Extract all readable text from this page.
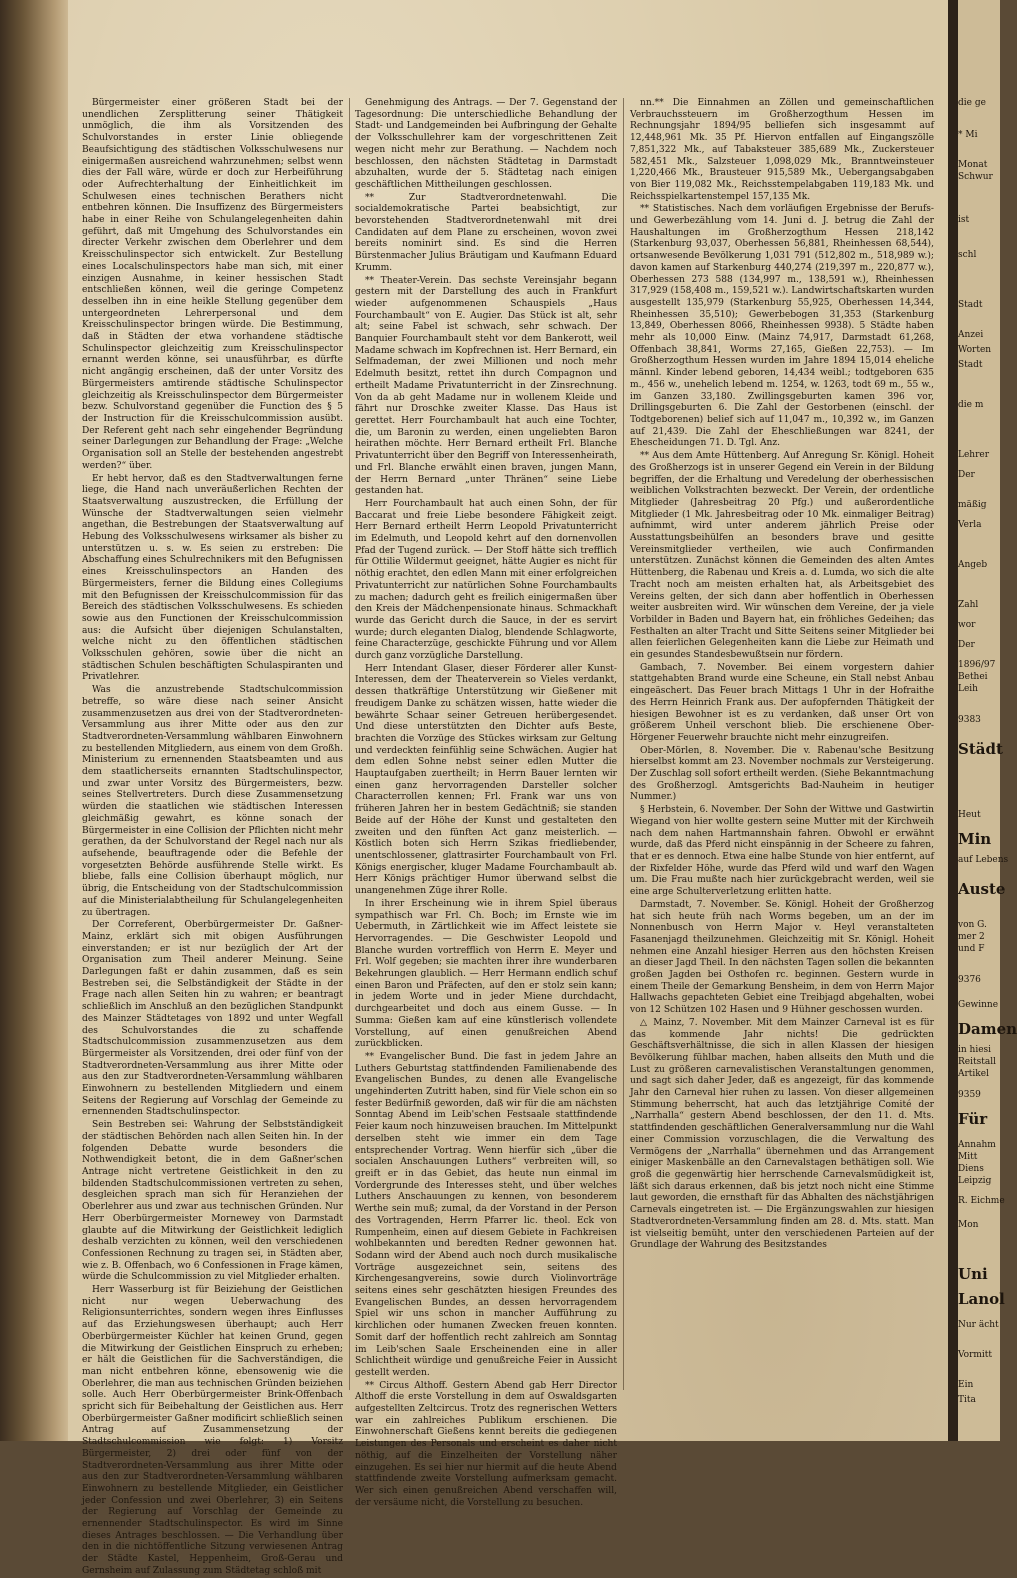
Bürgermeister einer größeren Stadt bei der unendlichen Zersplitterung seiner Thätigkeit unmöglich, die ihm als Vorsitzenden des Schulvorstandes in erster Linie obliegende Beaufsichtigung des städtischen Volksschulwesens nur einigermaßen ausreichend wahrzunehmen; selbst wenn dies der Fall wäre, würde er doch zur Herbeiführung oder Aufrechterhaltung der Einheitlichkeit im Schulwesen eines technischen Berathers nicht entbehren können. Die Insuffizenz des Bürgermeisters habe in einer Reihe von Schulangelegenheiten dahin geführt, daß mit Umgehung des Schulvorstandes ein directer Verkehr zwischen dem Oberlehrer und dem Kreisschulinspector sich entwickelt. Zur Bestellung eines Localschulinspectors habe man sich, mit einer einzigen Ausnahme, in keiner hessischen Stadt entschließen können, weil die geringe Competenz desselben ihn in eine heikle Stellung gegenüber dem untergeordneten Lehrerpersonal und dem Kreisschulinspector bringen würde. Die Bestimmung, daß in Städten der etwa vorhandene städtische Schulinspector gleichzeitig zum Kreisschulinspector ernannt werden könne, sei unausführbar, es dürfte nicht angängig erscheinen, daß der unter Vorsitz des Bürgermeisters amtirende städtische Schulinspector gleichzeitig als Kreisschulinspector dem Bürgermeister bezw. Schulvorstand gegenüber die Function des § 5 der Instruction für die Kreisschulcommission ausübt. Der Referent geht nach sehr eingehender Begründung seiner Darlegungen zur Behandlung der Frage: „Welche Organisation soll an Stelle der bestehenden angestrebt werden?“ über.

Er hebt hervor, daß es den Stadtverwaltungen ferne liege, die Hand nach unveräußerlichen Rechten der Staatsverwaltung auszustrecken, die Erfüllung der Wünsche der Stadtverwaltungen seien vielmehr angethan, die Bestrebungen der Staatsverwaltung auf Hebung des Volksschulwesens wirksamer als bisher zu unterstützen u. s. w. Es seien zu erstreben: Die Abschaffung eines Schulrechnikers mit den Befugnissen eines Kreisschulinspectors an Handen des Bürgermeisters, ferner die Bildung eines Collegiums mit den Befugnissen der Kreisschulcommission für das Bereich des städtischen Volksschulwesens. Es schieden sowie aus den Functionen der Kreisschulcommission aus: die Aufsicht über diejenigen Schulanstalten, welche nicht zu den öffentlichen städtischen Volksschulen gehören, sowie über die nicht an städtischen Schulen beschäftigten Schulaspiranten und Privatlehrer.

Was die anzustrebende Stadtschulcommission betreffe, so wäre diese nach seiner Ansicht zusammenzusetzen aus drei von der Stadtverordneten-Versammlung aus ihrer Mitte oder aus den zur Stadtverordneten-Versammlung wählbaren Einwohnern zu bestellenden Mitgliedern, aus einem von dem Großh. Ministerium zu ernennenden Staatsbeamten und aus dem staatlicherseits ernannten Stadtschulinspector, und zwar unter Vorsitz des Bürgermeisters, bezw. seines Stellvertreters. Durch diese Zusammensetzung würden die staatlichen wie städtischen Interessen gleichmäßig gewahrt, es könne sonach der Bürgermeister in eine Collision der Pflichten nicht mehr gerathen, da der Schulvorstand der Regel nach nur als aufsehende, beauftragende oder die Befehle der vorgesetzten Behörde ausführende Stelle wirkt. Es bliebe, falls eine Collision überhaupt möglich, nur übrig, die Entscheidung von der Stadtschulcommission auf die Ministerialabtheilung für Schulangelegenheiten zu übertragen.

Der Correferent, Oberbürgermeister Dr. Gaßner-Mainz, erklärt sich mit obigen Ausführungen einverstanden; er ist nur bezüglich der Art der Organisation zum Theil anderer Meinung. Seine Darlegungen faßt er dahin zusammen, daß es sein Bestreben sei, die Selbständigkeit der Städte in der Frage nach allen Seiten hin zu wahren; er beantragt schließlich im Anschluß an den bezüglichen Standpunkt des Mainzer Städtetages von 1892 und unter Wegfall des Schulvorstandes die zu schaffende Stadtschulcommission zusammenzusetzen aus dem Bürgermeister als Vorsitzenden, drei oder fünf von der Stadtverordneten-Versammlung aus ihrer Mitte oder aus den zur Stadtverordneten-Versammlung wählbaren Einwohnern zu bestellenden Mitgliedern und einem Seitens der Regierung auf Vorschlag der Gemeinde zu ernennenden Stadtschulinspector.

Sein Bestreben sei: Wahrung der Selbstständigkeit der städtischen Behörden nach allen Seiten hin. In der folgenden Debatte wurde besonders die Nothwendigkeit betont, die in dem Gaßner'schen Antrage nicht vertretene Geistlichkeit in den zu bildenden Stadtschulcommissionen vertreten zu sehen, desgleichen sprach man sich für Heranziehen der Oberlehrer aus und zwar aus technischen Gründen. Nur Herr Oberbürgermeister Mornewey von Darmstadt glaubte auf die Mitwirkung der Geistlichkeit lediglich deshalb verzichten zu können, weil den verschiedenen Confessionen Rechnung zu tragen sei, in Städten aber, wie z. B. Offenbach, wo 6 Confessionen in Frage kämen, würde die Schulcommission zu viel Mitglieder erhalten.

Herr Wasserburg ist für Beiziehung der Geistlichen nicht nur wegen Ueberwachung des Religionsunterrichtes, sondern wegen ihres Einflusses auf das Erziehungswesen überhaupt; auch Herr Oberbürgermeister Küchler hat keinen Grund, gegen die Mitwirkung der Geistlichen Einspruch zu erheben; er hält die Geistlichen für die Sachverständigen, die man nicht entbehren könne, ebensowenig wie die Oberlehrer, die man aus technischen Gründen beiziehen solle. Auch Herr Oberbürgermeister Brink-Offenbach spricht sich für Beibehaltung der Geistlichen aus. Herr Oberbürgermeister Gaßner modificirt schließlich seinen Antrag auf Zusammensetzung der Stadtschulcommission wie folgt: 1) Vorsitz Bürgermeister, 2) drei oder fünf von der Stadtverordneten-Versammlung aus ihrer Mitte oder aus den zur Stadtverordneten-Versammlung wählbaren Einwohnern zu bestellende Mitglieder, ein Geistlicher jeder Confession und zwei Oberlehrer, 3) ein Seitens der Regierung auf Vorschlag der Gemeinde zu ernennender Stadtschulinspector. Es wird im Sinne dieses Antrages beschlossen. — Die Verhandlung über den in die nichtöffentliche Sitzung verwiesenen Antrag der Städte Kastel, Heppenheim, Groß-Gerau und Gernsheim auf Zulassung zum Städtetag schloß mit

Genehmigung des Antrags. — Der 7. Gegenstand der Tagesordnung: Die unterschiedliche Behandlung der Stadt- und Landgemeinden bei Aufbringung der Gehalte der Volksschullehrer kam der vorgeschrittenen Zeit wegen nicht mehr zur Berathung. — Nachdem noch beschlossen, den nächsten Städtetag in Darmstadt abzuhalten, wurde der 5. Städtetag nach einigen geschäftlichen Mittheilungen geschlossen.

** Zur Stadtverordnetenwahl. Die socialdemokratische Partei beabsichtigt, zur bevorstehenden Stadtverordnetenwahl mit drei Candidaten auf dem Plane zu erscheinen, wovon zwei bereits nominirt sind. Es sind die Herren Bürstenmacher Julius Bräutigam und Kaufmann Eduard Krumm.

** Theater-Verein. Das sechste Vereinsjahr begann gestern mit der Darstellung des auch in Frankfurt wieder aufgenommenen Schauspiels „Haus Fourchambault“ von E. Augier. Das Stück ist alt, sehr alt; seine Fabel ist schwach, sehr schwach. Der Banquier Fourchambault steht vor dem Bankerott, weil Madame schwach im Kopfrechnen ist. Herr Bernard, ein Selfmademan, der zwei Millionen und noch mehr Edelmuth besitzt, rettet ihn durch Compagnon und ertheilt Madame Privatunterricht in der Zinsrechnung. Von da ab geht Madame nur in wollenem Kleide und fährt nur Droschke zweiter Klasse. Das Haus ist gerettet. Herr Fourchambault hat auch eine Tochter, die, um Baronin zu werden, einen ungeliebten Baron heirathen möchte. Herr Bernard ertheilt Frl. Blanche Privatunterricht über den Begriff von Interessenheirath, und Frl. Blanche erwählt einen braven, jungen Mann, der Herrn Bernard „unter Thränen“ seine Liebe gestanden hat.

Herr Fourchambault hat auch einen Sohn, der für Baccarat und freie Liebe besondere Fähigkeit zeigt. Herr Bernard ertheilt Herrn Leopold Privatunterricht im Edelmuth, und Leopold kehrt auf den dornenvollen Pfad der Tugend zurück. — Der Stoff hätte sich trefflich für Ottilie Wildermut geeignet, hätte Augier es nicht für nöthig erachtet, den edlen Mann mit einer erfolgreichen Privatunterricht zur natürlichen Sohne Fourchambaults zu machen; dadurch geht es freilich einigermaßen über den Kreis der Mädchenpensionate hinaus. Schmackhaft wurde das Gericht durch die Sauce, in der es servirt wurde; durch eleganten Dialog, blendende Schlagworte, feine Characterzüge, geschickte Führung und vor Allem durch ganz vorzügliche Darstellung.

Herr Intendant Glaser, dieser Förderer aller Kunst-Interessen, dem der Theaterverein so Vieles verdankt, dessen thatkräftige Unterstützung wir Gießener mit freudigem Danke zu schätzen wissen, hatte wieder die bewährte Schaar seiner Getreuen herübergesendet. Und diese unterstützten den Dichter aufs Beste, brachten die Vorzüge des Stückes wirksam zur Geltung und verdeckten feinfühlig seine Schwächen. Augier hat dem edlen Sohne nebst seiner edlen Mutter die Hauptaufgaben zuertheilt; in Herrn Bauer lernten wir einen ganz hervorragenden Darsteller solcher Characterrollen kennen; Frl. Frank war uns von früheren Jahren her in bestem Gedächtniß; sie standen Beide auf der Höhe der Kunst und gestalteten den zweiten und den fünften Act ganz meisterlich. — Köstlich boten sich Herrn Szikas friedliebender, unentschlossener, glattrasirter Fourchambault von Frl. Königs energischer, kluger Madame Fourchambault ab. Herr Königs prächtiger Humor überwand selbst die unangenehmen Züge ihrer Rolle.

In ihrer Erscheinung wie in ihrem Spiel überaus sympathisch war Frl. Ch. Boch; im Ernste wie im Uebermuth, in Zärtlichkeit wie im Affect leistete sie Hervorragendes. — Die Geschwister Leopold und Blanche wurden vortrefflich von Herrn E. Meyer und Frl. Wolf gegeben; sie machten ihrer ihre wunderbaren Bekehrungen glaublich. — Herr Hermann endlich schuf einen Baron und Präfecten, auf den er stolz sein kann; in jedem Worte und in jeder Miene durchdacht, durchgearbeitet und doch aus einem Gusse. — In Summa: Gießen kam auf eine künstlerisch vollendete Vorstellung, auf einen genußreichen Abend zurückblicken.

** Evangelischer Bund. Die fast in jedem Jahre an Luthers Geburtstag stattfindenden Familienabende des Evangelischen Bundes, zu denen alle Evangelische ungehinderten Zutritt haben, sind für Viele schon ein so fester Bedürfniß geworden, daß wir für die am nächsten Sonntag Abend im Leib'schen Festsaale stattfindende Feier kaum noch hinzuweisen brauchen. Im Mittelpunkt derselben steht wie immer ein dem Tage entsprechender Vortrag. Wenn hierfür sich „über die socialen Anschauungen Luthers“ verbreiten will, so greift er in das Gebiet, das heute nun einmal im Vordergrunde des Interesses steht, und über welches Luthers Anschauungen zu kennen, von besonderem Werthe sein muß; zumal, da der Vorstand in der Person des Vortragenden, Herrn Pfarrer lic. theol. Eck von Rumpenheim, einen auf diesem Gebiete in Fachkreisen wohlbekannten und beredten Redner gewonnen hat. Sodann wird der Abend auch noch durch musikalische Vorträge ausgezeichnet sein, seitens des Kirchengesangvereins, sowie durch Violinvorträge seitens eines sehr geschätzten hiesigen Freundes des Evangelischen Bundes, an dessen hervorragendem Spiel wir uns schon in mancher Aufführung zu kirchlichen oder humanen Zwecken freuen konnten. Somit darf der hoffentlich recht zahlreich am Sonntag im Leib'schen Saale Erscheinenden eine in aller Schlichtheit würdige und genußreiche Feier in Aussicht gestellt werden.

** Circus Althoff. Gestern Abend gab Herr Director Althoff die erste Vorstellung in dem auf Oswaldsgarten aufgestellten Zeltcircus. Trotz des regnerischen Wetters war ein zahlreiches Publikum erschienen. Die Einwohnerschaft Gießens kennt bereits die gediegenen Leistungen des Personals und erscheint es daher nicht nöthig, auf die Einzelheiten der Vorstellung näher einzugehen. Es sei hier nur hiermit auf die heute Abend stattfindende zweite Vorstellung aufmerksam gemacht. Wer sich einen genußreichen Abend verschaffen will, der versäume nicht, die Vorstellung zu besuchen.

nn.** Die Einnahmen an Zöllen und gemeinschaftlichen Verbrauchssteuern im Großherzogthum Hessen im Rechnungsjahr 1894/95 belliefen sich insgesammt auf 12,448,961 Mk. 35 Pf. Hiervon entfallen auf Eingangszölle 7,851,322 Mk., auf Tabaksteuer 385,689 Mk., Zuckersteuer 582,451 Mk., Salzsteuer 1,098,029 Mk., Branntweinsteuer 1,220,466 Mk., Brausteuer 915,589 Mk., Uebergangsabgaben von Bier 119,082 Mk., Reichsstempelabgaben 119,183 Mk. und Reichsspielkartenstempel 157,135 Mk.

** Statistisches. Nach dem vorläufigen Ergebnisse der Berufs- und Gewerbezählung vom 14. Juni d. J. betrug die Zahl der Haushaltungen im Großherzogthum Hessen 218,142 (Starkenburg 93,037, Oberhessen 56,881, Rheinhessen 68,544), ortsanwesende Bevölkerung 1,031 791 (512,802 m., 518,989 w.); davon kamen auf Starkenburg 440,274 (219,397 m., 220,877 w.), Oberhessen 273 588 (134,997 m., 138,591 w.), Rheinhessen 317,929 (158,408 m., 159,521 w.). Landwirtschaftskarten wurden ausgestellt 135,979 (Starkenburg 55,925, Oberhessen 14,344, Rheinhessen 35,510); Gewerbebogen 31,353 (Starkenburg 13,849, Oberhessen 8066, Rheinhessen 9938). 5 Städte haben mehr als 10,000 Einw. (Mainz 74,917, Darmstadt 61,268, Offenbach 38,841, Worms 27,165, Gießen 22,753). — Im Großherzogthum Hessen wurden im Jahre 1894 15,014 eheliche männl. Kinder lebend geboren, 14,434 weibl.; todtgeboren 635 m., 456 w., unehelich lebend m. 1254, w. 1263, todt 69 m., 55 w., im Ganzen 33,180. Zwillingsgeburten kamen 396 vor, Drillingsgeburten 6. Die Zahl der Gestorbenen (einschl. der Todtgeborenen) belief sich auf 11,047 m., 10,392 w., im Ganzen auf 21,439. Die Zahl der Eheschließungen war 8241, der Ehescheidungen 71. D. Tgl. Anz.

** Aus dem Amte Hüttenberg. Auf Anregung Sr. Königl. Hoheit des Großherzogs ist in unserer Gegend ein Verein in der Bildung begriffen, der die Erhaltung und Veredelung der oberhessischen weiblichen Volkstrachten bezweckt. Der Verein, der ordentliche Mitglieder (Jahresbeitrag 20 Pfg.) und außerordentliche Mitglieder (1 Mk. Jahresbeitrag oder 10 Mk. einmaliger Beitrag) aufnimmt, wird unter anderem jährlich Preise oder Ausstattungsbeihülfen an besonders brave und gesitte Vereinsmitglieder vertheilen, wie auch Confirmanden unterstützen. Zunächst können die Gemeinden des alten Amtes Hüttenberg, die Rabenau und Kreis a. d. Lumda, wo sich die alte Tracht noch am meisten erhalten hat, als Arbeitsgebiet des Vereins gelten, der sich dann aber hoffentlich in Oberhessen weiter ausbreiten wird. Wir wünschen dem Vereine, der ja viele Vorbilder in Baden und Bayern hat, ein fröhliches Gedeihen; das Festhalten an alter Tracht und Sitte Seitens seiner Mitglieder bei allen feierlichen Gelegenheiten kann die Liebe zur Heimath und ein gesundes Standesbewußtsein nur fördern.

Gambach, 7. November. Bei einem vorgestern dahier stattgehabten Brand wurde eine Scheune, ein Stall nebst Anbau eingeäschert. Das Feuer brach Mittags 1 Uhr in der Hofraithe des Herrn Heinrich Frank aus. Der aufopfernden Thätigkeit der hiesigen Bewohner ist es zu verdanken, daß unser Ort von größerem Unheil verschont blieb. Die erschienene Ober-Hörgener Feuerwehr brauchte nicht mehr einzugreifen.

Ober-Mörlen, 8. November. Die v. Rabenau'sche Besitzung hierselbst kommt am 23. November nochmals zur Versteigerung. Der Zuschlag soll sofort ertheilt werden. (Siehe Bekanntmachung des Großherzogl. Amtsgerichts Bad-Nauheim in heutiger Nummer.)

§ Herbstein, 6. November. Der Sohn der Wittwe und Gastwirtin Wiegand von hier wollte gestern seine Mutter mit der Kirchweih nach dem nahen Hartmannshain fahren. Obwohl er erwähnt wurde, daß das Pferd nicht einspännig in der Scheere zu fahren, that er es dennoch. Etwa eine halbe Stunde von hier entfernt, auf der Rixfelder Höhe, wurde das Pferd wild und warf den Wagen um. Die Frau mußte nach hier zurückgebracht werden, weil sie eine arge Schulterverletzung erlitten hatte.

Darmstadt, 7. November. Se. Königl. Hoheit der Großherzog hat sich heute früh nach Worms begeben, um an der im Nonnenbusch von Herrn Major v. Heyl veranstalteten Fasanenjagd theilzunehmen. Gleichzeitig mit Sr. Königl. Hoheit nehmen eine Anzahl hiesiger Herren aus den höchsten Kreisen an dieser Jagd Theil. In den nächsten Tagen sollen die bekannten großen Jagden bei Osthofen rc. beginnen. Gestern wurde in einem Theile der Gemarkung Bensheim, in dem von Herrn Major Hallwachs gepachteten Gebiet eine Treibjagd abgehalten, wobei von 12 Schützen 102 Hasen und 9 Hühner geschossen wurden.

△ Mainz, 7. November. Mit dem Mainzer Carneval ist es für das kommende Jahr nichts! Die gedrückten Geschäftsverhältnisse, die sich in allen Klassen der hiesigen Bevölkerung fühlbar machen, haben allseits den Muth und die Lust zu größeren carnevalistischen Veranstaltungen genommen, und sagt sich daher Jeder, daß es angezeigt, für das kommende Jahr den Carneval hier ruhen zu lassen. Von dieser allgemeinen Stimmung beherrscht, hat auch das letztjährige Comité der „Narrhalla“ gestern Abend beschlossen, der den 11. d. Mts. stattfindenden geschäftlichen Generalversammlung nur die Wahl einer Commission vorzuschlagen, die die Verwaltung des Vermögens der „Narrhalla“ übernehmen und das Arrangement einiger Maskenbälle an den Carnevalstagen bethätigen soll. Wie groß die gegenwärtig hier herrschende Carnevalsmüdigkeit ist, läßt sich daraus erkennen, daß bis jetzt noch nicht eine Stimme laut geworden, die ernsthaft für das Abhalten des nächstjährigen Carnevals eingetreten ist. — Die Ergänzungswahlen zur hiesigen Stadtverordneten-Versammlung finden am 28. d. Mts. statt. Man ist vielseitig bemüht, unter den verschiedenen Parteien auf der Grundlage der Wahrung des Besitzstandes

die ge
* Mi
Monat
Schwur
ist
schl
Stadt
Anzei
Worten
Stadt
die m
Lehrer
Der
mäßig
Verla
Angeb
Zahl
wor
Der
1896/97
Bethei
Leih
9383
Städt
Heut
Min
auf Lebens
Auste
von G.
mer 2
und F
9376
Gewinne
Damen
in hiesi
Reitstall
Artikel
9359
Für
Annahm
Mitt
Diens
Leipzig
R. Eichme
Mon
Uni
Lanol
Nur ächt
Vormitt
Ein
Tita
